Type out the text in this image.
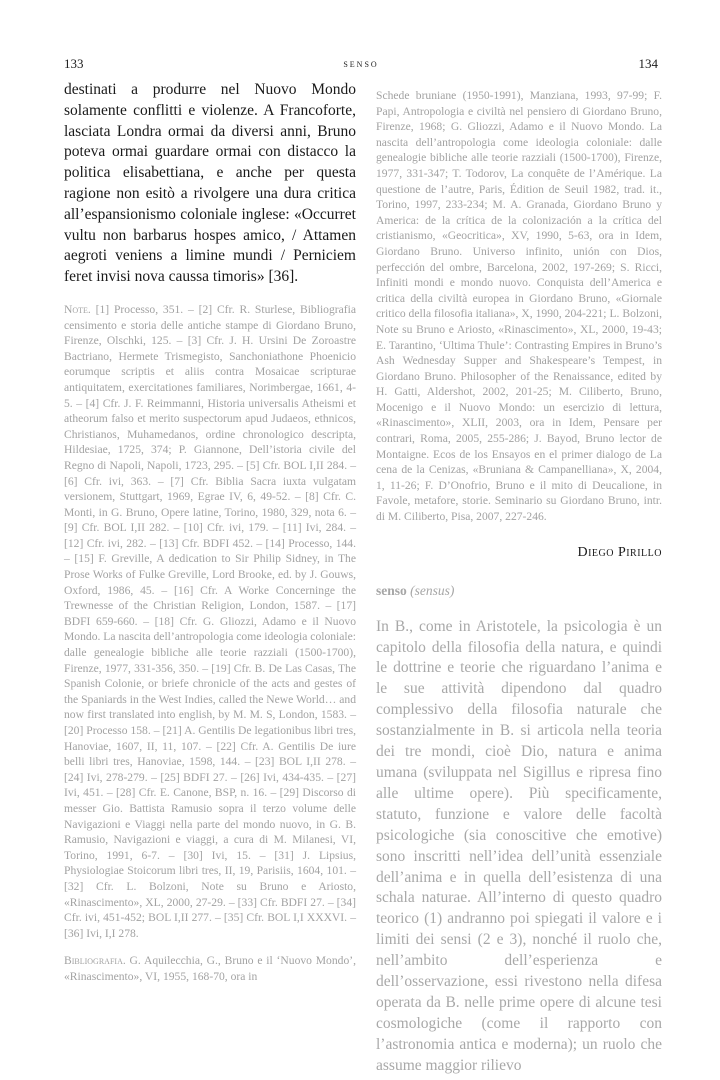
133	senso	134

destinati a produrre nel Nuovo Mondo solamente conflitti e violenze. A Francoforte, lasciata Londra ormai da diversi anni, Bruno poteva ormai guardare ormai con distacco la politica elisabettiana, e anche per questa ragione non esitò a rivolgere una dura critica all’espansionismo coloniale inglese: «Occurret vultu non barbarus hospes amico, / Attamen aegroti veniens a limine mundi / Perniciem feret invisi nova caussa timoris» [36].

Note. [1] Processo, 351. – [2] Cfr. R. Sturlese, Bibliografia censimento e storia delle antiche stampe di Giordano Bruno, Firenze, Olschki, 125. – [3] Cfr. J. H. Ursini De Zoroastre Bactriano, Hermete Trismegisto, Sanchoniathone Phoenicio eorumque scriptis et aliis contra Mosaicae scripturae antiquitatem, exercitationes familiares, Norimbergae, 1661, 4-5. – [4] Cfr. J. F. Reimmanni, Historia universalis Atheismi et atheorum falso et merito suspectorum apud Judaeos, ethnicos, Christianos, Muhamedanos, ordine chronologico descripta, Hildesiae, 1725, 374; P. Giannone, Dell’istoria civile del Regno di Napoli, Napoli, 1723, 295. – [5] Cfr. BOL I,II 284. – [6] Cfr. ivi, 363. – [7] Cfr. Biblia Sacra iuxta vulgatam versionem, Stuttgart, 1969, Egrae IV, 6, 49-52. – [8] Cfr. C. Monti, in G. Bruno, Opere latine, Torino, 1980, 329, nota 6. – [9] Cfr. BOL I,II 282. – [10] Cfr. ivi, 179. – [11] Ivi, 284. – [12] Cfr. ivi, 282. – [13] Cfr. BDFI 452. – [14] Processo, 144. – [15] F. Greville, A dedication to Sir Philip Sidney, in The Prose Works of Fulke Greville, Lord Brooke, ed. by J. Gouws, Oxford, 1986, 45. – [16] Cfr. A Worke Concerninge the Trewnesse of the Christian Religion, London, 1587. – [17] BDFI 659-660. – [18] Cfr. G. Gliozzi, Adamo e il Nuovo Mondo. La nascita dell’antropologia come ideologia coloniale: dalle genealogie bibliche alle teorie razziali (1500-1700), Firenze, 1977, 331-356, 350. – [19] Cfr. B. De Las Casas, The Spanish Colonie, or briefe chronicle of the acts and gestes of the Spaniards in the West Indies, called the Newe World… and now first translated into english, by M. M. S, London, 1583. – [20] Processo 158. – [21] A. Gentilis De legationibus libri tres, Hanoviae, 1607, II, 11, 107. – [22] Cfr. A. Gentilis De iure belli libri tres, Hanoviae, 1598, 144. – [23] BOL I,II 278. – [24] Ivi, 278-279. – [25] BDFI 27. – [26] Ivi, 434-435. – [27] Ivi, 451. – [28] Cfr. E. Canone, BSP, n. 16. – [29] Discorso di messer Gio. Battista Ramusio sopra il terzo volume delle Navigazioni e Viaggi nella parte del mondo nuovo, in G. B. Ramusio, Navigazioni e viaggi, a cura di M. Milanesi, VI, Torino, 1991, 6-7. – [30] Ivi, 15. – [31] J. Lipsius, Physiologiae Stoicorum libri tres, II, 19, Parisiis, 1604, 101. – [32] Cfr. L. Bolzoni, Note su Bruno e Ariosto, «Rinascimento», XL, 2000, 27-29. – [33] Cfr. BDFI 27. – [34] Cfr. ivi, 451-452; BOL I,II 277. – [35] Cfr. BOL I,I XXXVI. – [36] Ivi, I,I 278.

Bibliografia. G. Aquilecchia, G., Bruno e il ‘Nuovo Mondo’, «Rinascimento», VI, 1955, 168-70, ora in

Schede bruniane (1950-1991), Manziana, 1993, 97-99; F. Papi, Antropologia e civiltà nel pensiero di Giordano Bruno, Firenze, 1968; G. Gliozzi, Adamo e il Nuovo Mondo. La nascita dell’antropologia come ideologia coloniale: dalle genealogie bibliche alle teorie razziali (1500-1700), Firenze, 1977, 331-347; T. Todorov, La conquête de l’Amérique. La questione de l’autre, Paris, Édition de Seuil 1982, trad. it., Torino, 1997, 233-234; M. A. Granada, Giordano Bruno y America: de la crítica de la colonización a la crítica del cristianismo, «Geocritica», XV, 1990, 5-63, ora in Idem, Giordano Bruno. Universo infinito, unión con Dios, perfección del ombre, Barcelona, 2002, 197-269; S. Ricci, Infiniti mondi e mondo nuovo. Conquista dell’America e critica della civiltà europea in Giordano Bruno, «Giornale critico della filosofia italiana», X, 1990, 204-221; L. Bolzoni, Note su Bruno e Ariosto, «Rinascimento», XL, 2000, 19-43; E. Tarantino, ‘Ultima Thule’: Contrasting Empires in Bruno’s Ash Wednesday Supper and Shakespeare’s Tempest, in Giordano Bruno. Philosopher of the Renaissance, edited by H. Gatti, Aldershot, 2002, 201-25; M. Ciliberto, Bruno, Mocenigo e il Nuovo Mondo: un esercizio di lettura, «Rinascimento», XLII, 2003, ora in Idem, Pensare per contrari, Roma, 2005, 255-286; J. Bayod, Bruno lector de Montaigne. Ecos de los Ensayos en el primer dialogo de La cena de la Cenizas, «Bruniana & Campanelliana», X, 2004, 1, 11-26; F. D’Onofrio, Bruno e il mito di Deucalione, in Favole, metafore, storie. Seminario su Giordano Bruno, intr. di M. Ciliberto, Pisa, 2007, 227-246.

Diego Pirillo

senso (sensus)

In B., come in Aristotele, la psicologia è un capitolo della filosofia della natura, e quindi le dottrine e teorie che riguardano l’anima e le sue attività dipendono dal quadro complessivo della filosofia naturale che sostanzialmente in B. si articola nella teoria dei tre mondi, cioè Dio, natura e anima umana (sviluppata nel Sigillus e ripresa fino alle ultime opere). Più specificamente, statuto, funzione e valore delle facoltà psicologiche (sia conoscitive che emotive) sono inscritti nell’idea dell’unità essenziale dell’anima e in quella dell’esistenza di una schala naturae. All’interno di questo quadro teorico (1) andranno poi spiegati il valore e i limiti dei sensi (2 e 3), nonché il ruolo che, nell’ambito dell’esperienza e dell’osservazione, essi rivestono nella difesa operata da B. nelle prime opere di alcune tesi cosmologiche (come il rapporto con l’astronomia antica e moderna); un ruolo che assume maggior rilievo
